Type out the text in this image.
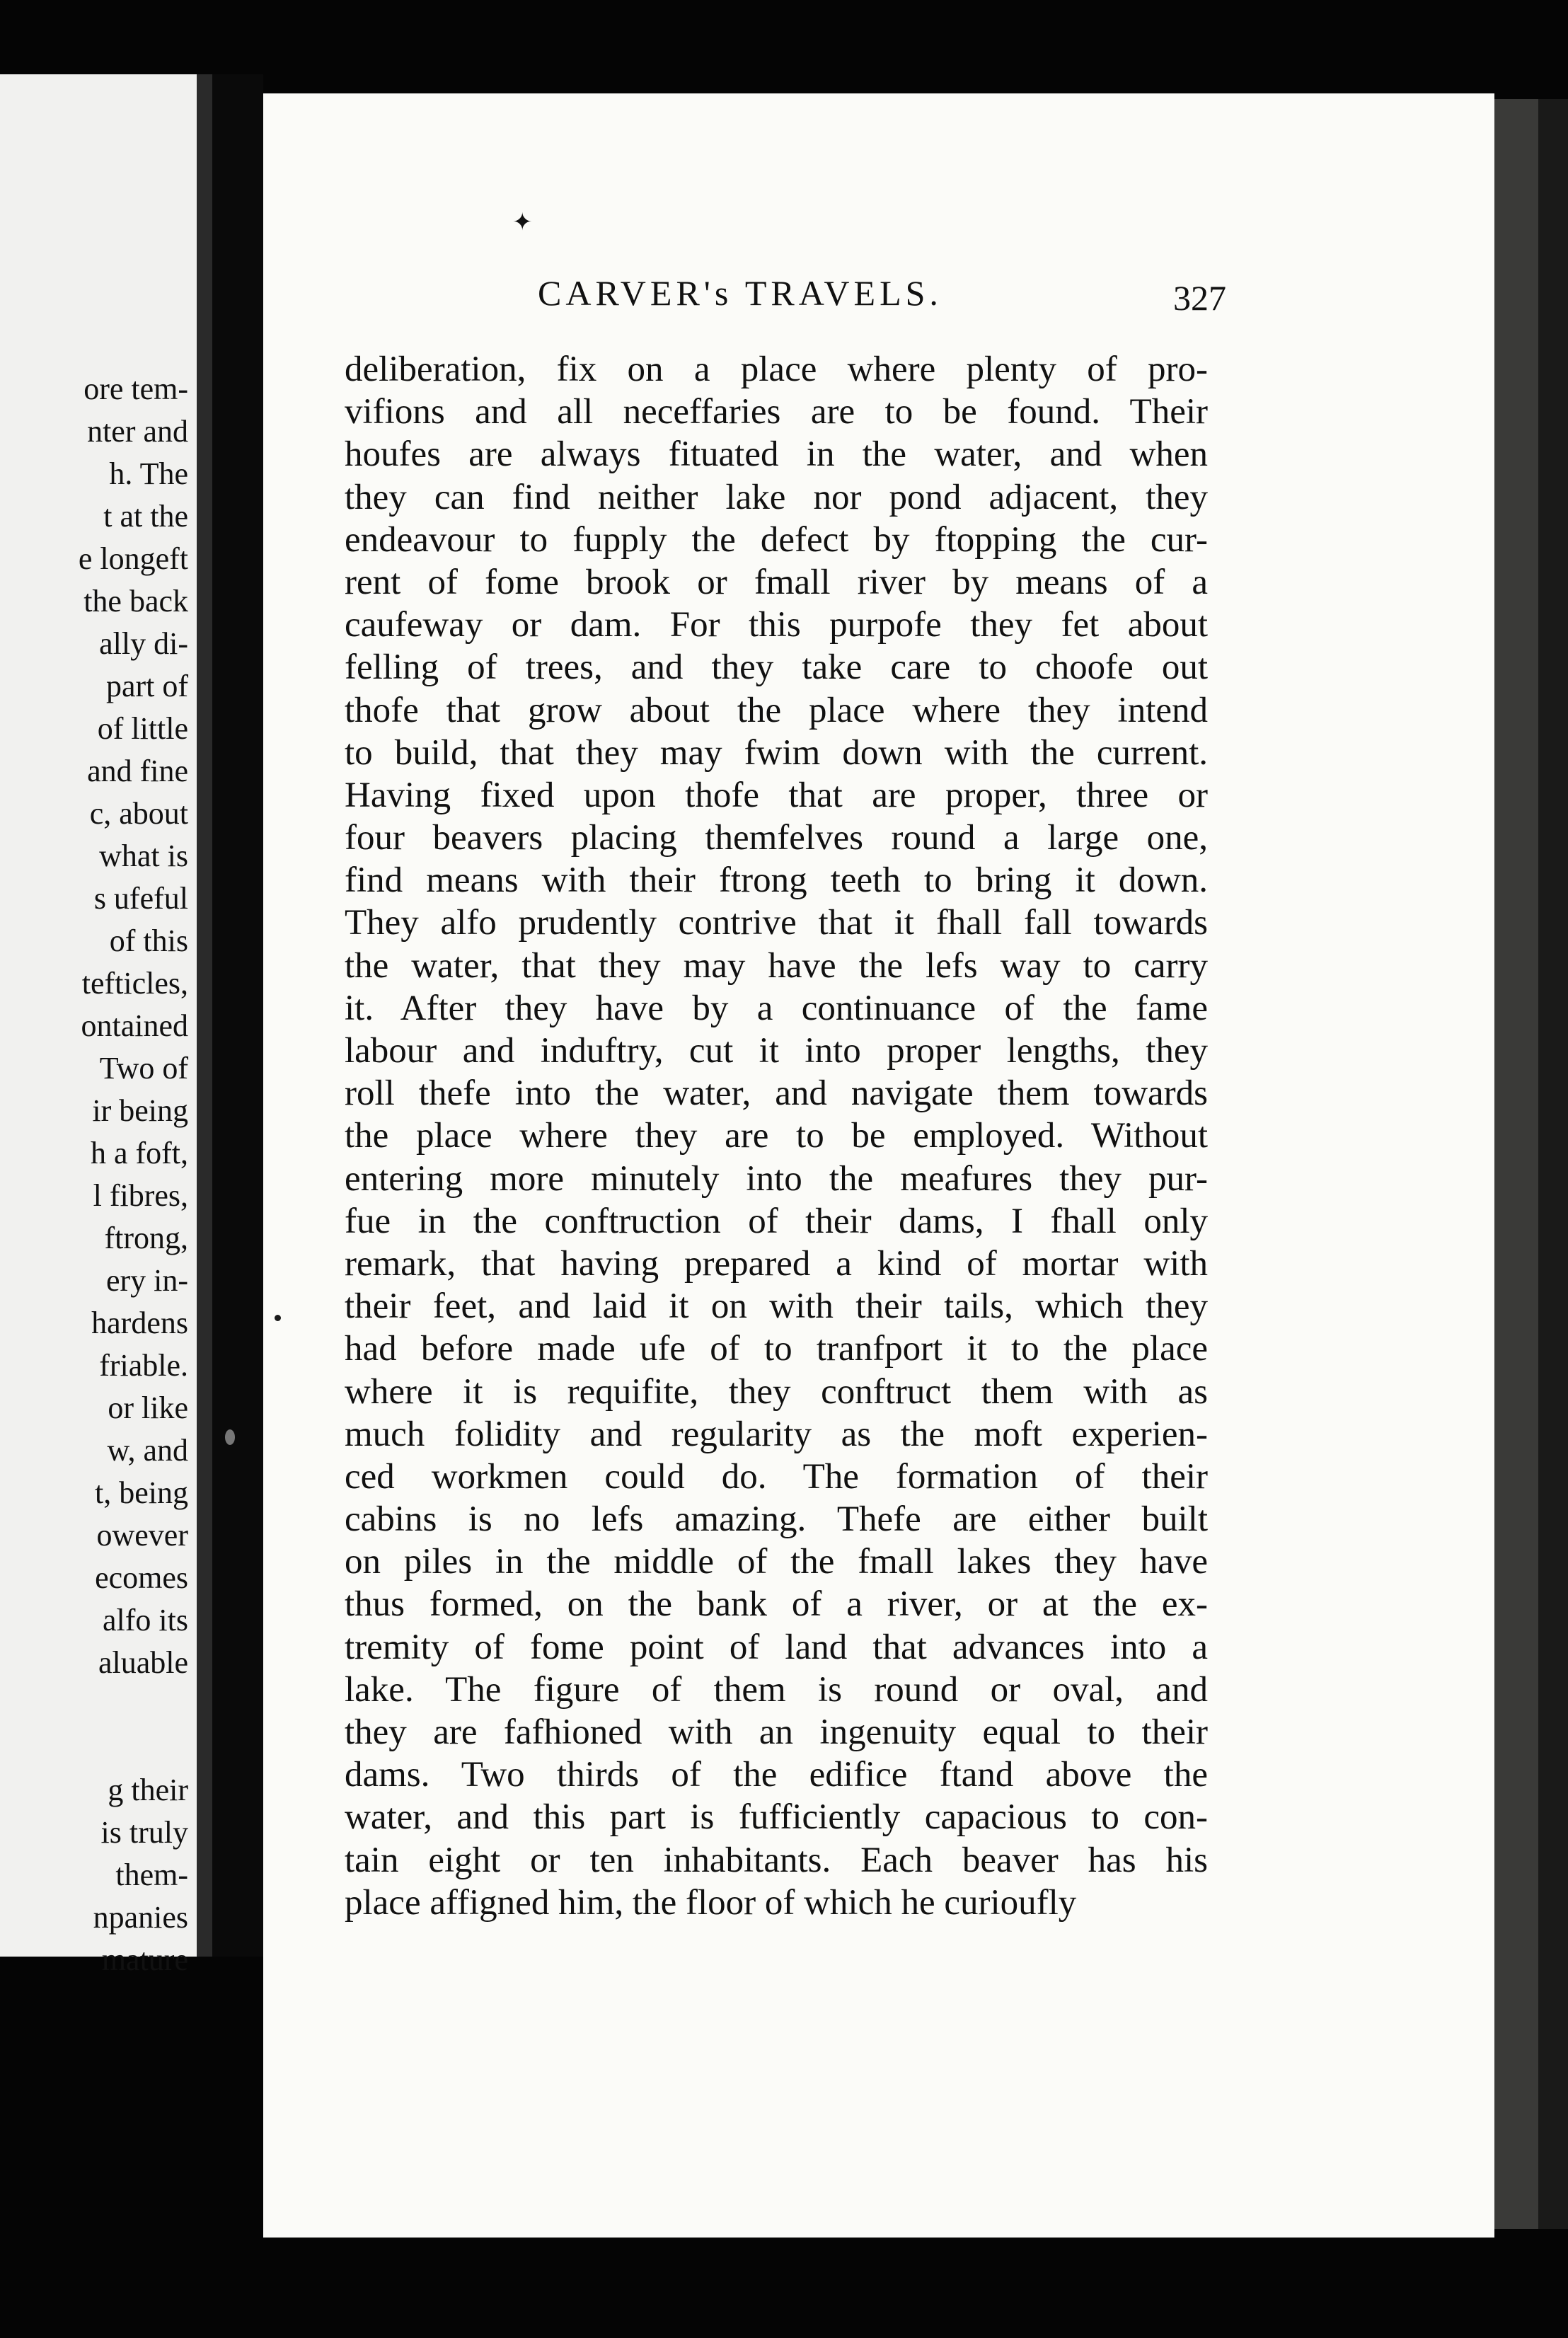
ore tem-
nter and
h. The
t at the
e longeft
the back
ally di-
part of
of little
and fine
c, about
what is
s ufeful
of this
tefticles,
ontained
Two of
ir being
h a foft,
l fibres,
ftrong,
ery in-
hardens
friable.
or like
w, and
t, being
owever
ecomes
alfo its
aluable
g their
is truly
them-
npanies
mature
✦
CARVER's TRAVELS.	327
deliberation, fix on a place where plenty of pro-
vifions and all neceffaries are to be found. Their
houfes are always fituated in the water, and when
they can find neither lake nor pond adjacent, they
endeavour to fupply the defect by ftopping the cur-
rent of fome brook or fmall river by means of a
caufeway or dam. For this purpofe they fet about
felling of trees, and they take care to choofe out
thofe that grow about the place where they intend
to build, that they may fwim down with the current.
Having fixed upon thofe that are proper, three or
four beavers placing themfelves round a large one,
find means with their ftrong teeth to bring it down.
They alfo prudently contrive that it fhall fall towards
the water, that they may have the lefs way to carry
it. After they have by a continuance of the fame
labour and induftry, cut it into proper lengths, they
roll thefe into the water, and navigate them towards
the place where they are to be employed. Without
entering more minutely into the meafures they pur-
fue in the conftruction of their dams, I fhall only
remark, that having prepared a kind of mortar with
their feet, and laid it on with their tails, which they
had before made ufe of to tranfport it to the place
where it is requifite, they conftruct them with as
much folidity and regularity as the moft experien-
ced workmen could do. The formation of their
cabins is no lefs amazing. Thefe are either built
on piles in the middle of the fmall lakes they have
thus formed, on the bank of a river, or at the ex-
tremity of fome point of land that advances into a
lake. The figure of them is round or oval, and
they are fafhioned with an ingenuity equal to their
dams. Two thirds of the edifice ftand above the
water, and this part is fufficiently capacious to con-
tain eight or ten inhabitants. Each beaver has his
place affigned him, the floor of which he curioufly
